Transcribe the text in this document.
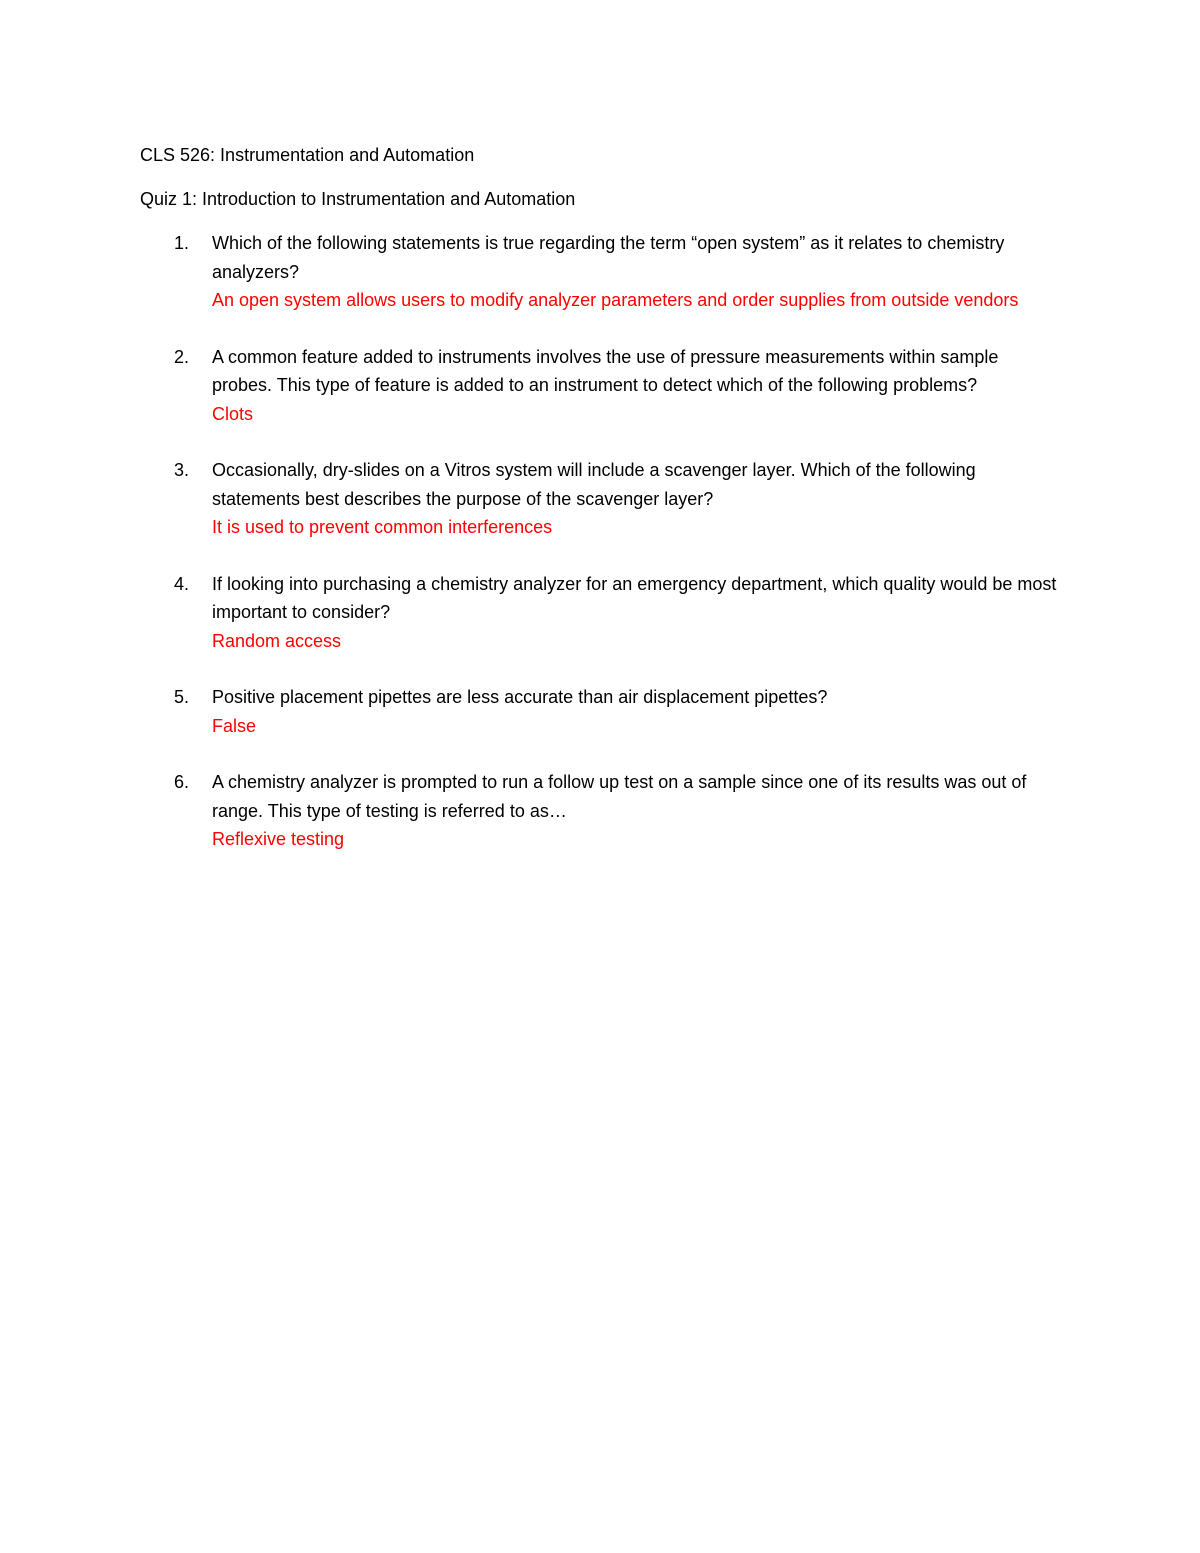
CLS 526: Instrumentation and Automation
Quiz 1: Introduction to Instrumentation and Automation
1. Which of the following statements is true regarding the term “open system” as it relates to chemistry analyzers?
An open system allows users to modify analyzer parameters and order supplies from outside vendors
2. A common feature added to instruments involves the use of pressure measurements within sample probes. This type of feature is added to an instrument to detect which of the following problems?
Clots
3. Occasionally, dry-slides on a Vitros system will include a scavenger layer. Which of the following statements best describes the purpose of the scavenger layer?
It is used to prevent common interferences
4. If looking into purchasing a chemistry analyzer for an emergency department, which quality would be most important to consider?
Random access
5. Positive placement pipettes are less accurate than air displacement pipettes?
False
6. A chemistry analyzer is prompted to run a follow up test on a sample since one of its results was out of range. This type of testing is referred to as…
Reflexive testing
